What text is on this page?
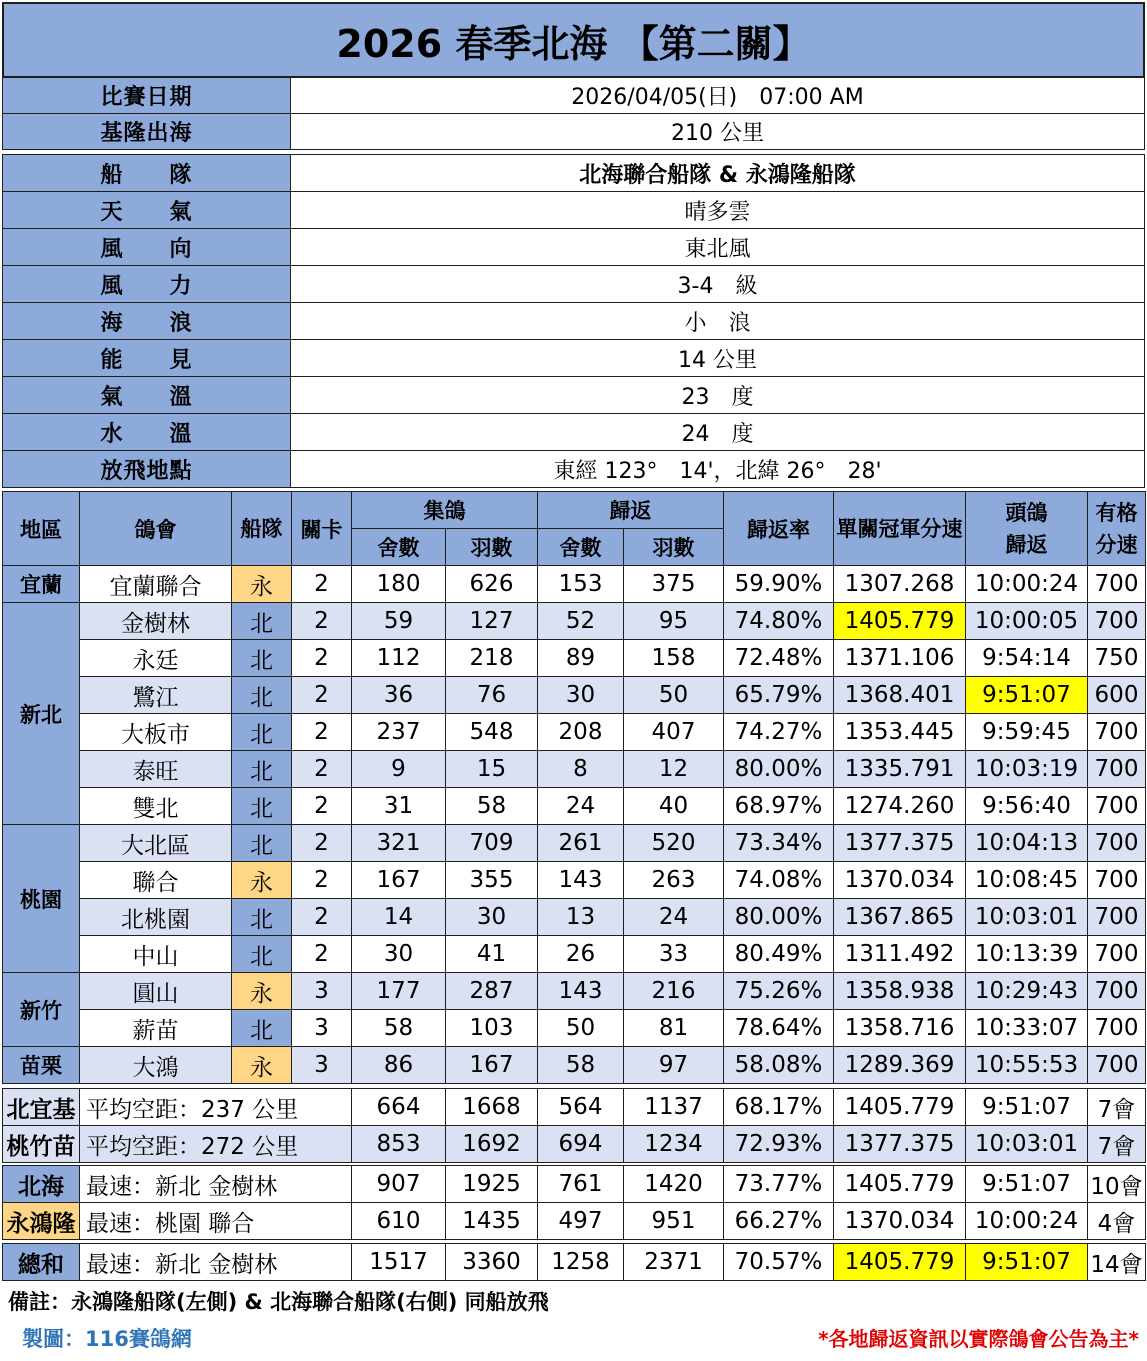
2026 春季北海 【第二關】
比賽日期	2026/04/05(日)　07:00 AM
基隆出海	210 公里
船　　隊	北海聯合船隊 & 永鴻隆船隊
天　　氣	晴多雲
風　　向	東北風
風　　力	3-4　級
海　　浪	小　浪
能　　見	14 公里
氣　　溫	23　度
水　　溫	24　度
放飛地點	東經 123°　14'，北緯 26°　28'
地區	鴿會	船隊	關卡	集鴿		歸返		歸返率	單關冠軍分速	頭鴿歸返	有格分速
				舍數	羽數	舍數	羽數				
宜蘭	宜蘭聯合	永	2	180	626	153	375	59.90%	1307.268	10:00:24	700
新北	金樹林	北	2	59	127	52	95	74.80%	1405.779	10:00:05	700
	永廷	北	2	112	218	89	158	72.48%	1371.106	9:54:14	750
	鷺江	北	2	36	76	30	50	65.79%	1368.401	9:51:07	600
	大板市	北	2	237	548	208	407	74.27%	1353.445	9:59:45	700
	泰旺	北	2	9	15	8	12	80.00%	1335.791	10:03:19	700
	雙北	北	2	31	58	24	40	68.97%	1274.260	9:56:40	700
桃園	大北區	北	2	321	709	261	520	73.34%	1377.375	10:04:13	700
	聯合	永	2	167	355	143	263	74.08%	1370.034	10:08:45	700
	北桃園	北	2	14	30	13	24	80.00%	1367.865	10:03:01	700
	中山	北	2	30	41	26	33	80.49%	1311.492	10:13:39	700
新竹	圓山	永	3	177	287	143	216	75.26%	1358.938	10:29:43	700
	薪苗	北	3	58	103	50	81	78.64%	1358.716	10:33:07	700
苗栗	大鴻	永	3	86	167	58	97	58.08%	1289.369	10:55:53	700
北宜基	平均空距：237 公里	664	1668	564	1137	68.17%	1405.779	9:51:07	7會
桃竹苗	平均空距：272 公里	853	1692	694	1234	72.93%	1377.375	10:03:01	7會
北海	最速：新北 金樹林	907	1925	761	1420	73.77%	1405.779	9:51:07	10會
永鴻隆	最速：桃園 聯合	610	1435	497	951	66.27%	1370.034	10:00:24	4會
總和	最速：新北 金樹林	1517	3360	1258	2371	70.57%	1405.779	9:51:07	14會
備註：永鴻隆船隊(左側) & 北海聯合船隊(右側) 同船放飛
製圖：116賽鴿網	*各地歸返資訊以實際鴿會公告為主*
